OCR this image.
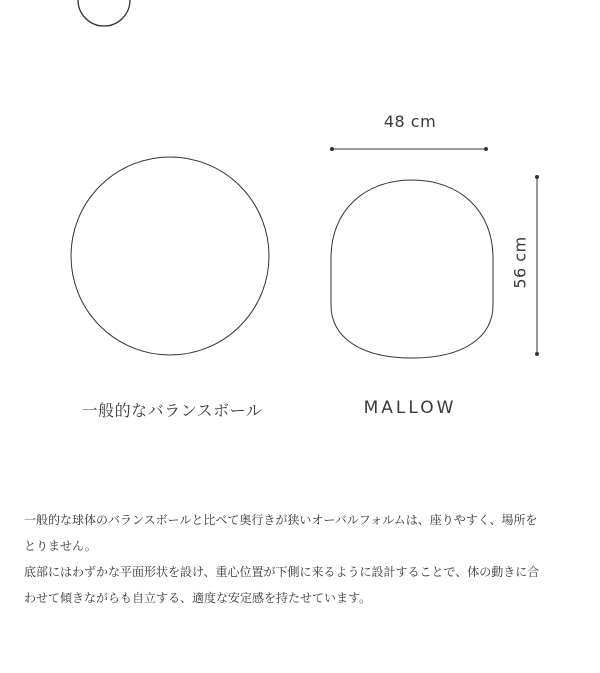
48 cm
56 cm
一般的なバランスボール	MALLOW

一般的な球体のバランスボールと比べて奥行きが狭いオーバルフォルムは、座りやすく、場所を

とりません。

底部にはわずかな平面形状を設け、重心位置が下側に来るように設計することで、体の動きに合

わせて傾きながらも自立する、適度な安定感を持たせています。
